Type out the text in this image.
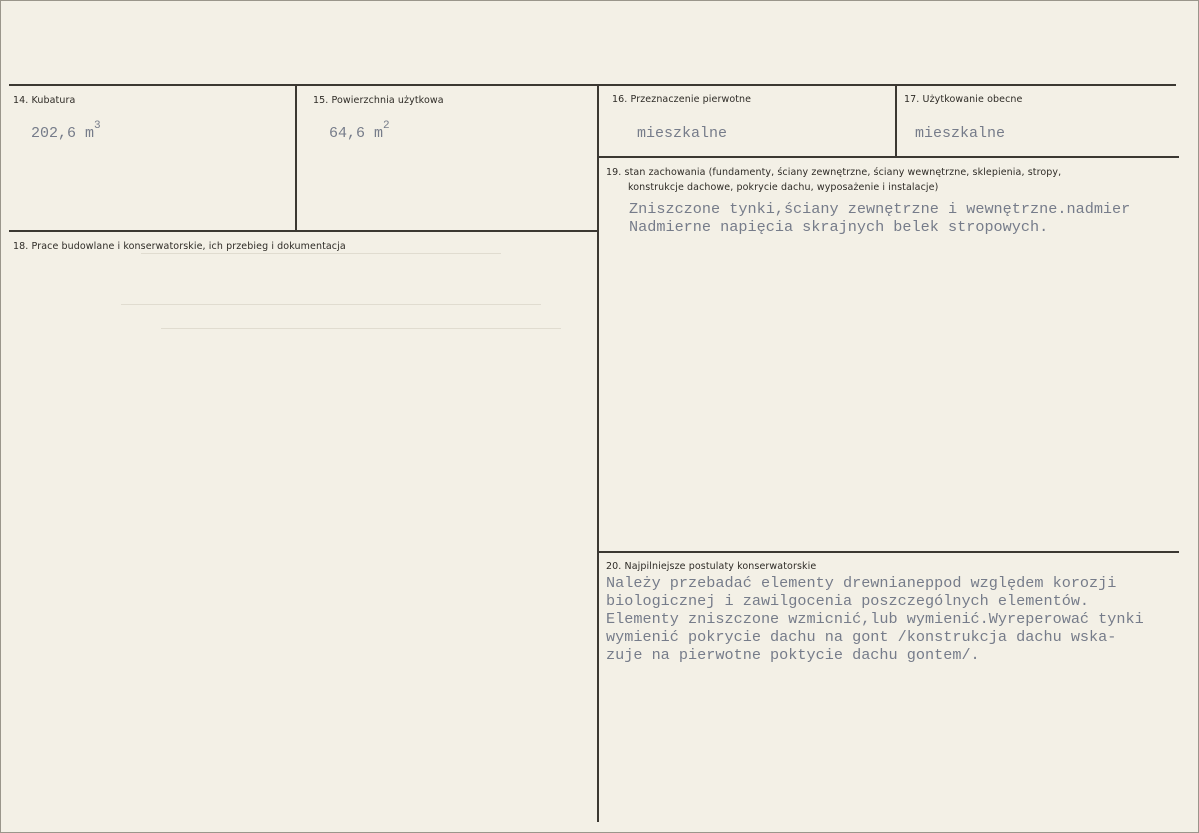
14. Kubatura
202,6 $m^3$
15. Powierzchnia użytkowa
64,6 $m^2$
16. Przeznaczenie pierwotne
mieszkalne
17. Użytkowanie obecne
mieszkalne
18. Prace budowlane i konserwatorskie, ich przebieg i dokumentacja
19. stan zachowania (fundamenty, ściany zewnętrzne, ściany wewnętrzne, sklepienia, stropy,
konstrukcje dachowe, pokrycie dachu, wyposażenie i instalacje)
Zniszczone tynki,ściany zewnętrzne i wewnętrzne.nadmier
Nadmierne napięcia skrajnych belek stropowych.
20. Najpilniejsze postulaty konserwatorskie
Należy przebadać elementy drewnianeppod względem korozji
biologicznej i zawilgocenia poszczególnych elementów.
Elementy zniszczone wzmicnić,lub wymienić.Wyreperować tynki
wymienić pokrycie dachu na gont /konstrukcja dachu wska-
zuje na pierwotne poktycie dachu gontem/.
